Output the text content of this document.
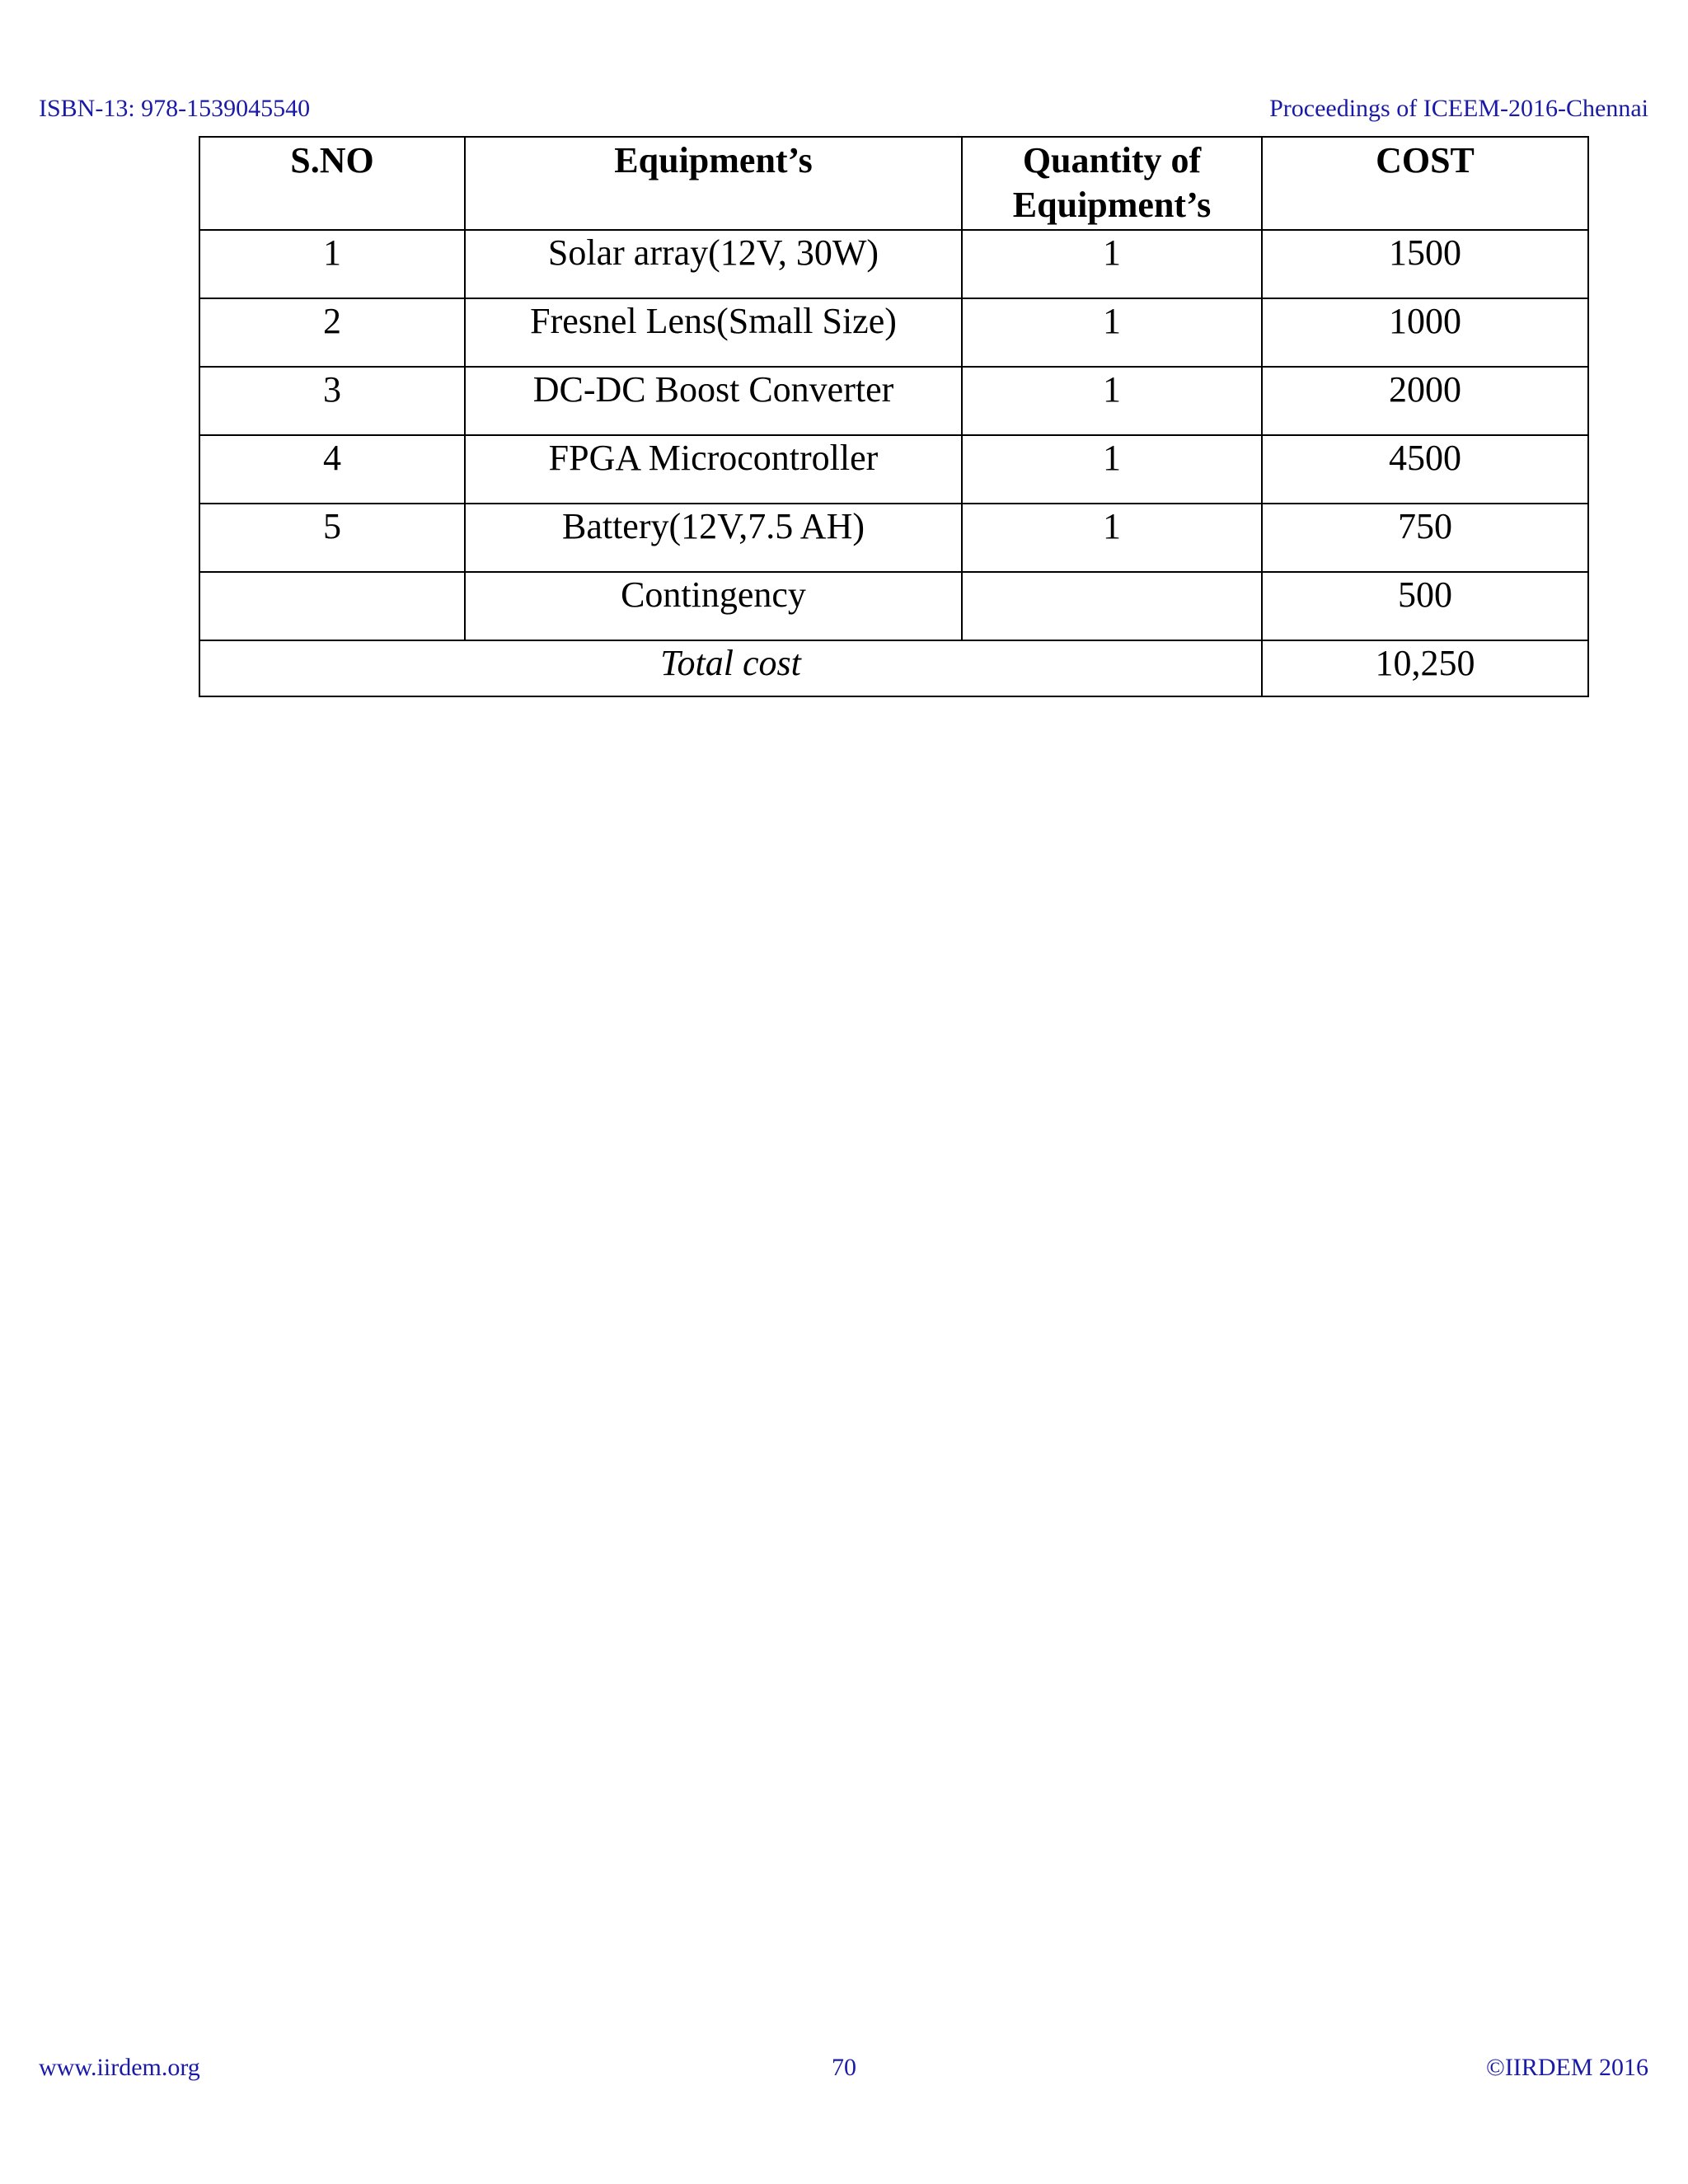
ISBN-13: 978-1539045540	Proceedings of ICEEM-2016-Chennai
S.NO	Equipment’s	Quantity of Equipment’s	COST
1	Solar array(12V, 30W)	1	1500
2	Fresnel Lens(Small Size)	1	1000
3	DC-DC Boost Converter	1	2000
4	FPGA Microcontroller	1	4500
5	Battery(12V,7.5 AH)	1	750
	Contingency		500
Total cost			10,250
www.iirdem.org	70	©IIRDEM 2016
